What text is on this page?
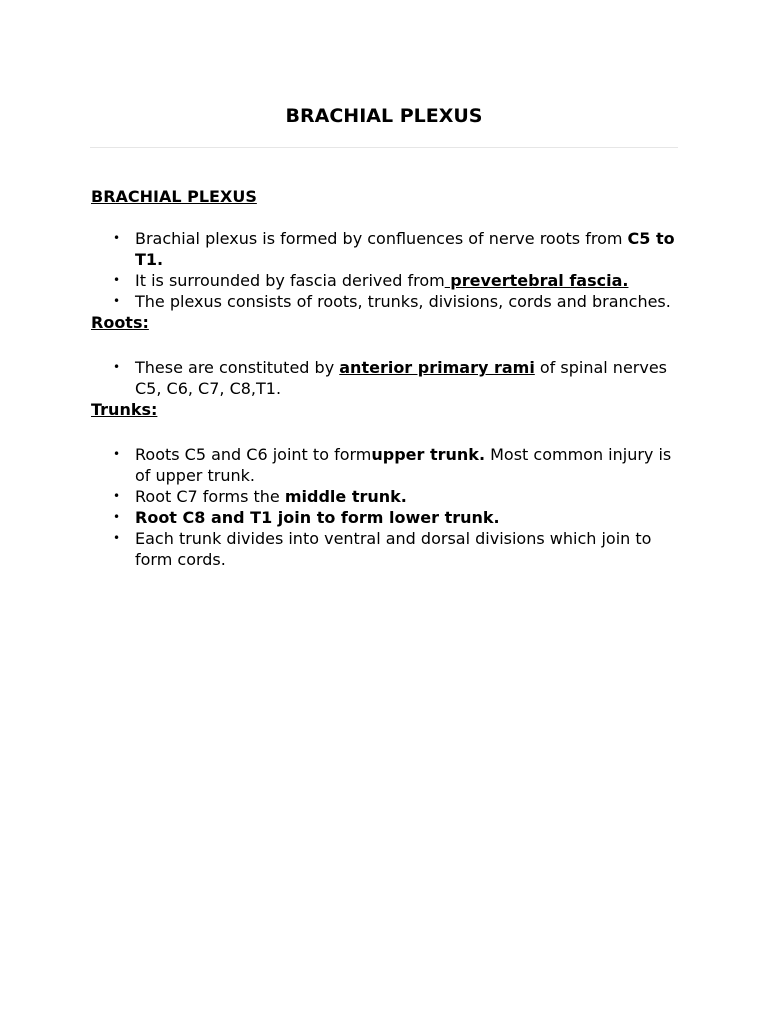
BRACHIAL PLEXUS

BRACHIAL PLEXUS

• Brachial plexus is formed by confluences of nerve roots from C5 to T1.
• It is surrounded by fascia derived from prevertebral fascia.
• The plexus consists of roots, trunks, divisions, cords and branches.

Roots:

• These are constituted by anterior primary rami of spinal nerves C5, C6, C7, C8,T1.

Trunks:

• Roots C5 and C6 joint to formupper trunk. Most common injury is of upper trunk.
• Root C7 forms the middle trunk.
• Root C8 and T1 join to form lower trunk.
• Each trunk divides into ventral and dorsal divisions which join to form cords.
